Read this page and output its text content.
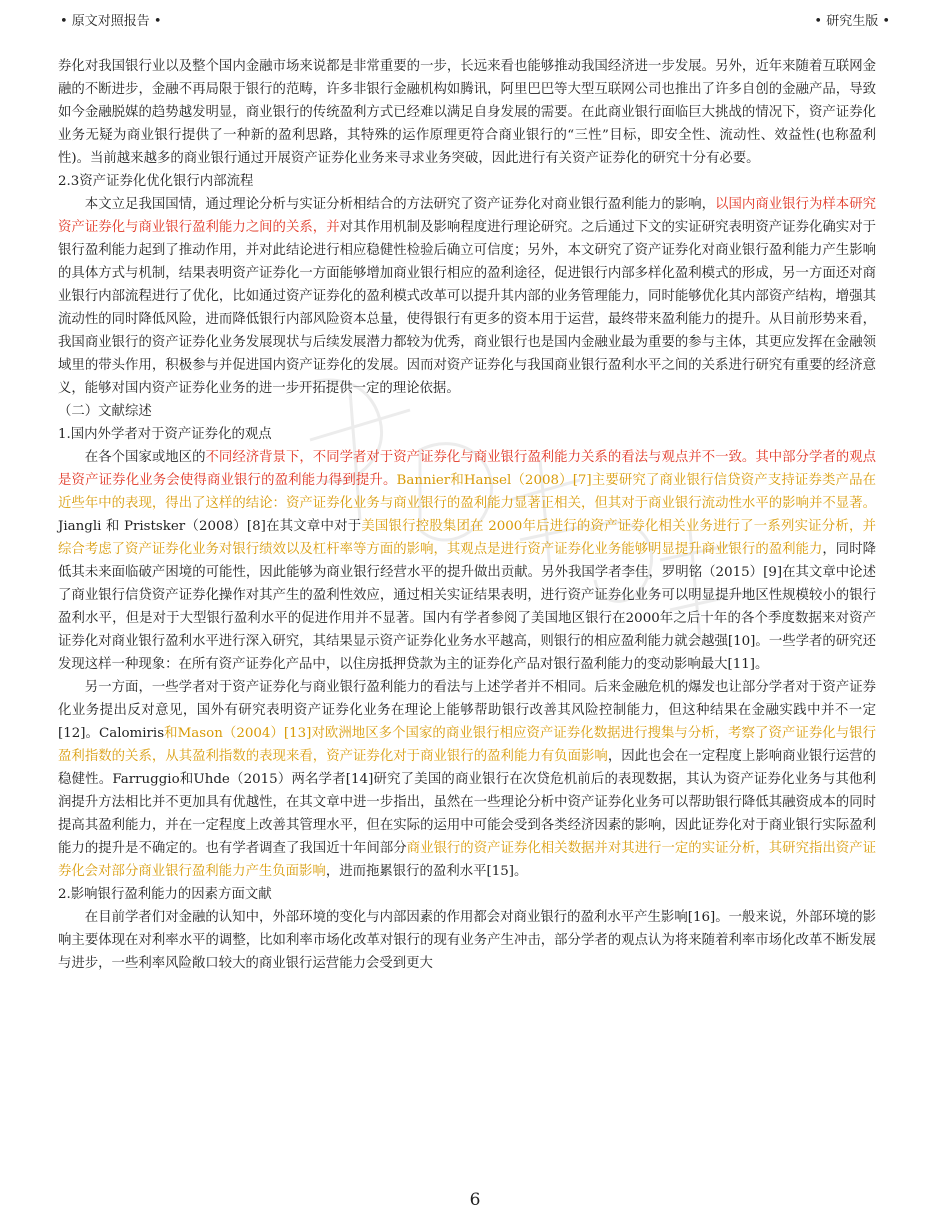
• 原文对照报告 •	• 研究生版 •

券化对我国银行业以及整个国内金融市场来说都是非常重要的一步，长远来看也能够推动我国经济进一步发展。另外，近年来随着互联网金融的不断进步，金融不再局限于银行的范畴，许多非银行金融机构如腾讯，阿里巴巴等大型互联网公司也推出了许多自创的金融产品，导致如今金融脱媒的趋势越发明显，商业银行的传统盈利方式已经难以满足自身发展的需要。在此商业银行面临巨大挑战的情况下，资产证券化业务无疑为商业银行提供了一种新的盈利思路，其特殊的运作原理更符合商业银行的“三性”目标，即安全性、流动性、效益性(也称盈利性)。当前越来越多的商业银行通过开展资产证券化业务来寻求业务突破，因此进行有关资产证券化的研究十分有必要。

2.3资产证券化优化银行内部流程

本文立足我国国情，通过理论分析与实证分析相结合的方法研究了资产证券化对商业银行盈利能力的影响，以国内商业银行为样本研究资产证券化与商业银行盈利能力之间的关系，并对其作用机制及影响程度进行理论研究。之后通过下文的实证研究表明资产证券化确实对于银行盈利能力起到了推动作用，并对此结论进行相应稳健性检验后确立可信度；另外，本文研究了资产证券化对商业银行盈利能力产生影响的具体方式与机制，结果表明资产证券化一方面能够增加商业银行相应的盈利途径，促进银行内部多样化盈利模式的形成，另一方面还对商业银行内部流程进行了优化，比如通过资产证券化的盈利模式改革可以提升其内部的业务管理能力，同时能够优化其内部资产结构，增强其流动性的同时降低风险，进而降低银行内部风险资本总量，使得银行有更多的资本用于运营，最终带来盈利能力的提升。从目前形势来看，我国商业银行的资产证券化业务发展现状与后续发展潜力都较为优秀，商业银行也是国内金融业最为重要的参与主体，其更应发挥在金融领域里的带头作用，积极参与并促进国内资产证券化的发展。因而对资产证券化与我国商业银行盈利水平之间的关系进行研究有重要的经济意义，能够对国内资产证券化业务的进一步开拓提供一定的理论依据。

（二）文献综述

1.国内外学者对于资产证券化的观点

在各个国家或地区的不同经济背景下，不同学者对于资产证券化与商业银行盈利能力关系的看法与观点并不一致。其中部分学者的观点是资产证券化业务会使得商业银行的盈利能力得到提升。Bannier和Hansel（2008）[7]主要研究了商业银行信贷资产支持证券类产品在近些年中的表现，得出了这样的结论：资产证券化业务与商业银行的盈利能力显著正相关，但其对于商业银行流动性水平的影响并不显著。Jiangli 和 Pristsker（2008）[8]在其文章中对于美国银行控股集团在 2000年后进行的资产证券化相关业务进行了一系列实证分析，并综合考虑了资产证券化业务对银行绩效以及杠杆率等方面的影响，其观点是进行资产证券化业务能够明显提升商业银行的盈利能力，同时降低其未来面临破产困境的可能性，因此能够为商业银行经营水平的提升做出贡献。另外我国学者李佳，罗明铭（2015）[9]在其文章中论述了商业银行信贷资产证券化操作对其产生的盈利性效应，通过相关实证结果表明，进行资产证券化业务可以明显提升地区性规模较小的银行盈利水平，但是对于大型银行盈利水平的促进作用并不显著。国内有学者参阅了美国地区银行在2000年之后十年的各个季度数据来对资产证券化对商业银行盈利水平进行深入研究，其结果显示资产证券化业务水平越高，则银行的相应盈利能力就会越强[10]。一些学者的研究还发现这样一种现象：在所有资产证券化产品中，以住房抵押贷款为主的证券化产品对银行盈利能力的变动影响最大[11]。

另一方面，一些学者对于资产证券化与商业银行盈利能力的看法与上述学者并不相同。后来金融危机的爆发也让部分学者对于资产证券化业务提出反对意见，国外有研究表明资产证券化业务在理论上能够帮助银行改善其风险控制能力，但这种结果在金融实践中并不一定[12]。Calomiris和Mason（2004）[13]对欧洲地区多个国家的商业银行相应资产证券化数据进行搜集与分析，考察了资产证券化与银行盈利指数的关系，从其盈利指数的表现来看，资产证券化对于商业银行的盈利能力有负面影响，因此也会在一定程度上影响商业银行运营的稳健性。Farruggio和Uhde（2015）两名学者[14]研究了美国的商业银行在次贷危机前后的表现数据，其认为资产证券化业务与其他利润提升方法相比并不更加具有优越性，在其文章中进一步指出，虽然在一些理论分析中资产证券化业务可以帮助银行降低其融资成本的同时提高其盈利能力，并在一定程度上改善其管理水平，但在实际的运用中可能会受到各类经济因素的影响，因此证券化对于商业银行实际盈利能力的提升是不确定的。也有学者调查了我国近十年间部分商业银行的资产证券化相关数据并对其进行一定的实证分析，其研究指出资产证券化会对部分商业银行盈利能力产生负面影响，进而拖累银行的盈利水平[15]。

2.影响银行盈利能力的因素方面文献

在目前学者们对金融的认知中，外部环境的变化与内部因素的作用都会对商业银行的盈利水平产生影响[16]。一般来说，外部环境的影响主要体现在对利率水平的调整，比如利率市场化改革对银行的现有业务产生冲击，部分学者的观点认为将来随着利率市场化改革不断发展与进步，一些利率风险敞口较大的商业银行运营能力会受到更大

6
